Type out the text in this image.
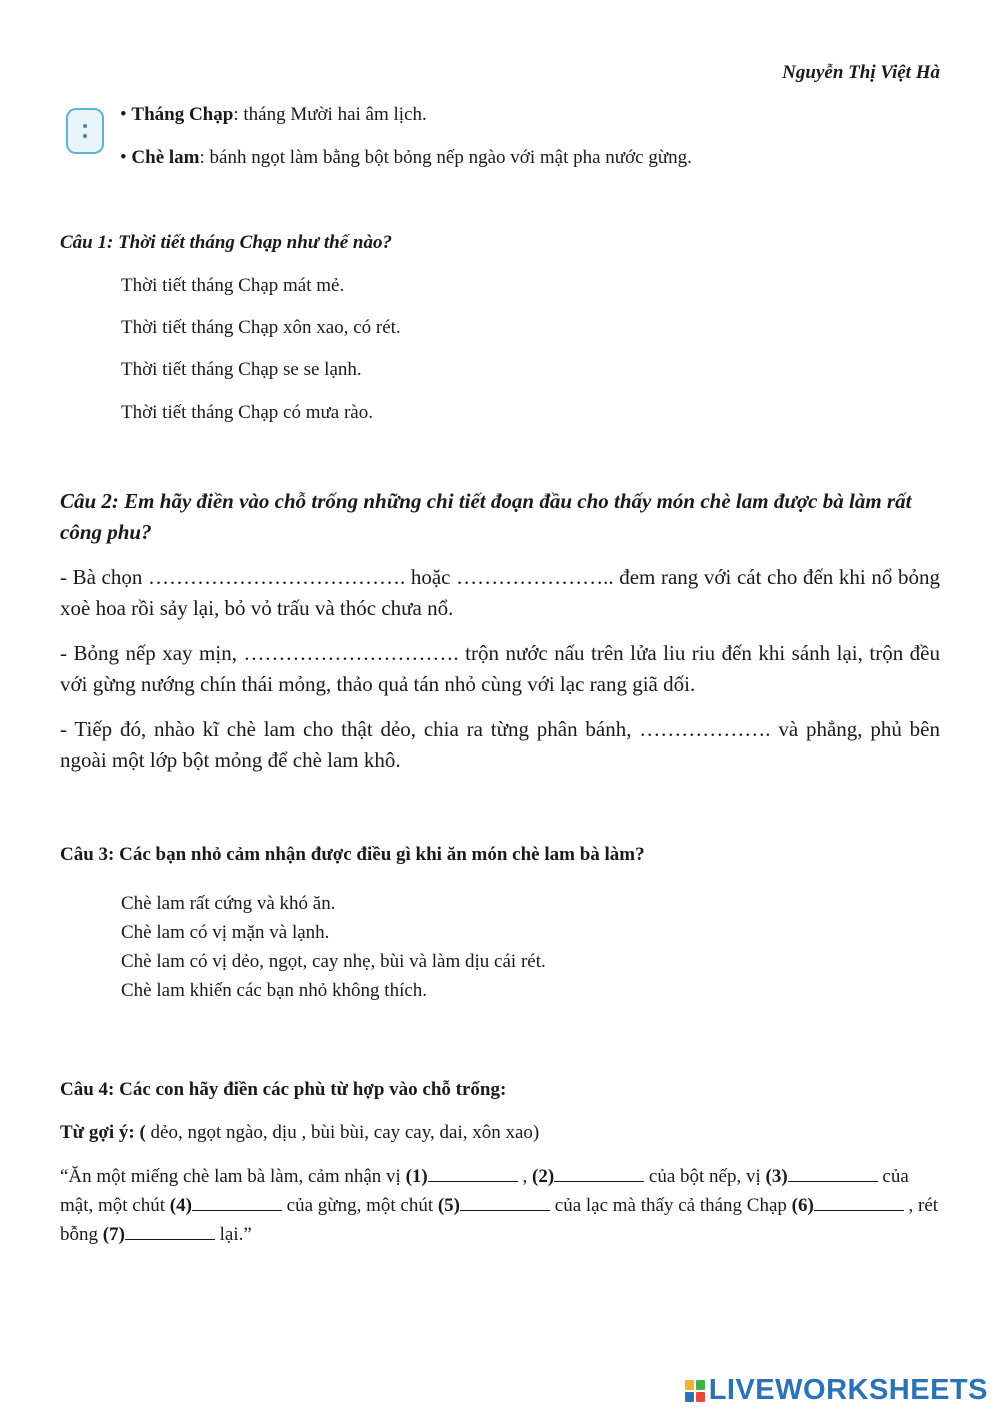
Nguyễn Thị Việt Hà
• Tháng Chạp: tháng Mười hai âm lịch.
• Chè lam: bánh ngọt làm bằng bột bỏng nếp ngào với mật pha nước gừng.
Câu 1: Thời tiết tháng Chạp như thế nào?
Thời tiết tháng Chạp mát mẻ.
Thời tiết tháng Chạp xôn xao, có rét.
Thời tiết tháng Chạp se se lạnh.
Thời tiết tháng Chạp có mưa rào.
Câu 2: Em hãy điền vào chỗ trống những chi tiết đoạn đầu cho thấy món chè lam được bà làm rất công phu?
- Bà chọn ………………………………. hoặc ………………….. đem rang với cát cho đến khi nổ bỏng xoè hoa rồi sảy lại, bỏ vỏ trấu và thóc chưa nổ.
- Bỏng nếp xay mịn, …………………………. trộn nước nấu trên lửa liu riu đến khi sánh lại, trộn đều với gừng nướng chín thái mỏng, thảo quả tán nhỏ cùng với lạc rang giã dối.
- Tiếp đó, nhào kĩ chè lam cho thật dẻo, chia ra từng phân bánh, ………………. và phẳng, phủ bên ngoài một lớp bột mỏng để chè lam khô.
Câu 3: Các bạn nhỏ cảm nhận được điều gì khi ăn món chè lam bà làm?
Chè lam rất cứng và khó ăn.
Chè lam có vị mặn và lạnh.
Chè lam có vị dẻo, ngọt, cay nhẹ, bùi và làm dịu cái rét.
Chè lam khiến các bạn nhỏ không thích.
Câu 4: Các con hãy điền các phù từ hợp vào chỗ trống:
Từ gợi ý: ( dẻo, ngọt ngào, dịu , bùi bùi, cay cay, dai, xôn xao)
“Ăn một miếng chè lam bà làm, cảm nhận vị (1)	, (2)	của bột nếp, vị (3)	của mật, một chút (4)	của gừng, một chút (5)	của lạc mà thấy cả tháng Chạp (6)	, rét bỗng (7)	lại.”
LIVEWORKSHEETS
